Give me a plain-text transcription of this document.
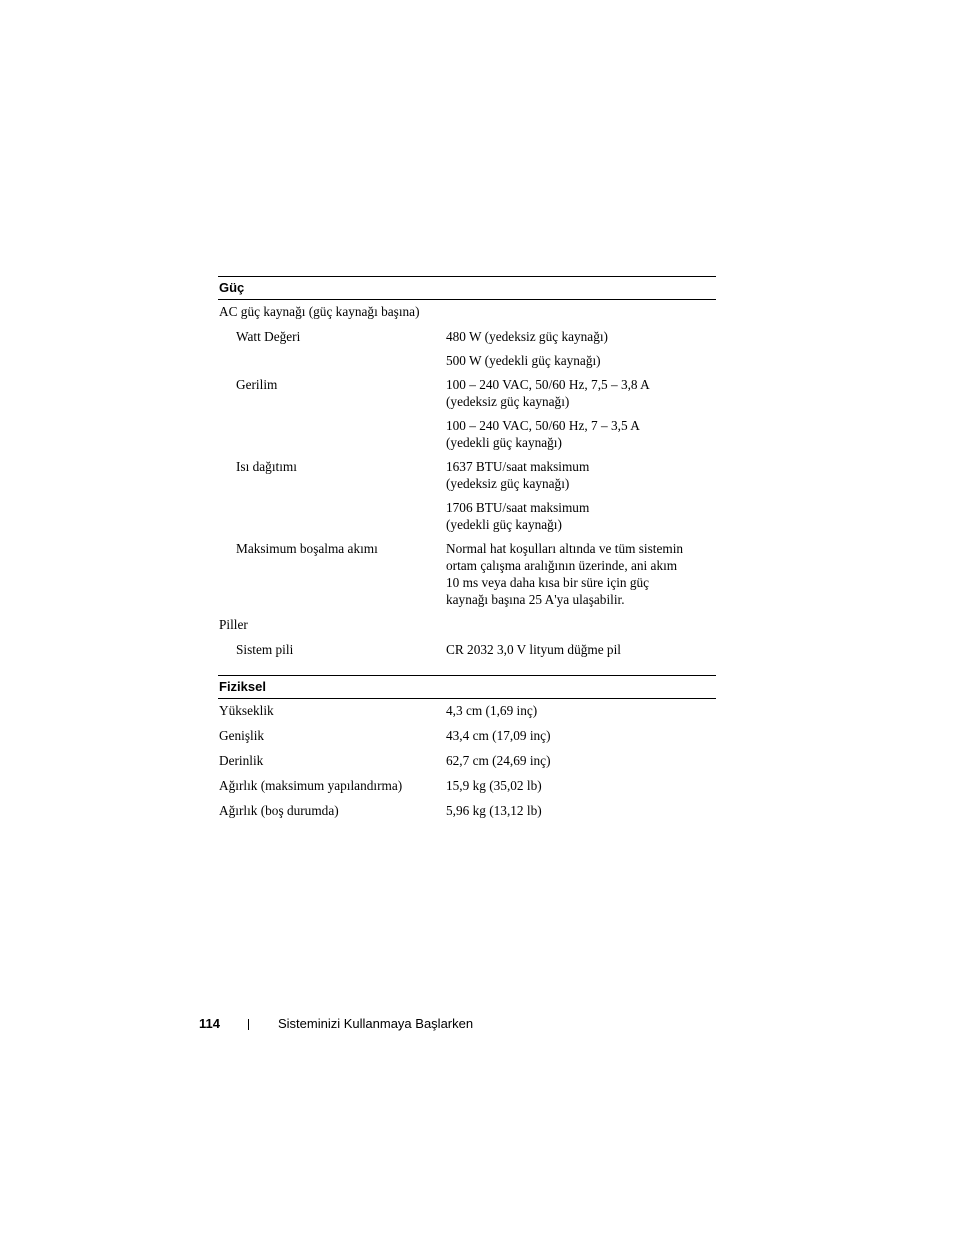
Güç
AC güç kaynağı (güç kaynağı başına)
Watt Değeri	480 W (yedeksiz güç kaynağı)
500 W (yedekli güç kaynağı)
Gerilim	100 – 240 VAC, 50/60 Hz, 7,5 – 3,8 A
(yedeksiz güç kaynağı)
100 – 240 VAC, 50/60 Hz, 7 – 3,5 A
(yedekli güç kaynağı)
Isı dağıtımı	1637 BTU/saat maksimum
(yedeksiz güç kaynağı)
1706 BTU/saat maksimum
(yedekli güç kaynağı)
Maksimum boşalma akımı	Normal hat koşulları altında ve tüm sistemin
ortam çalışma aralığının üzerinde, ani akım
10 ms veya daha kısa bir süre için güç
kaynağı başına 25 A'ya ulaşabilir.
Piller
Sistem pili	CR 2032 3,0 V lityum düğme pil
Fiziksel
Yükseklik	4,3 cm (1,69 inç)
Genişlik	43,4 cm (17,09 inç)
Derinlik	62,7 cm (24,69 inç)
Ağırlık (maksimum yapılandırma)	15,9 kg (35,02 lb)
Ağırlık (boş durumda)	5,96 kg (13,12 lb)
114	Sisteminizi Kullanmaya Başlarken
